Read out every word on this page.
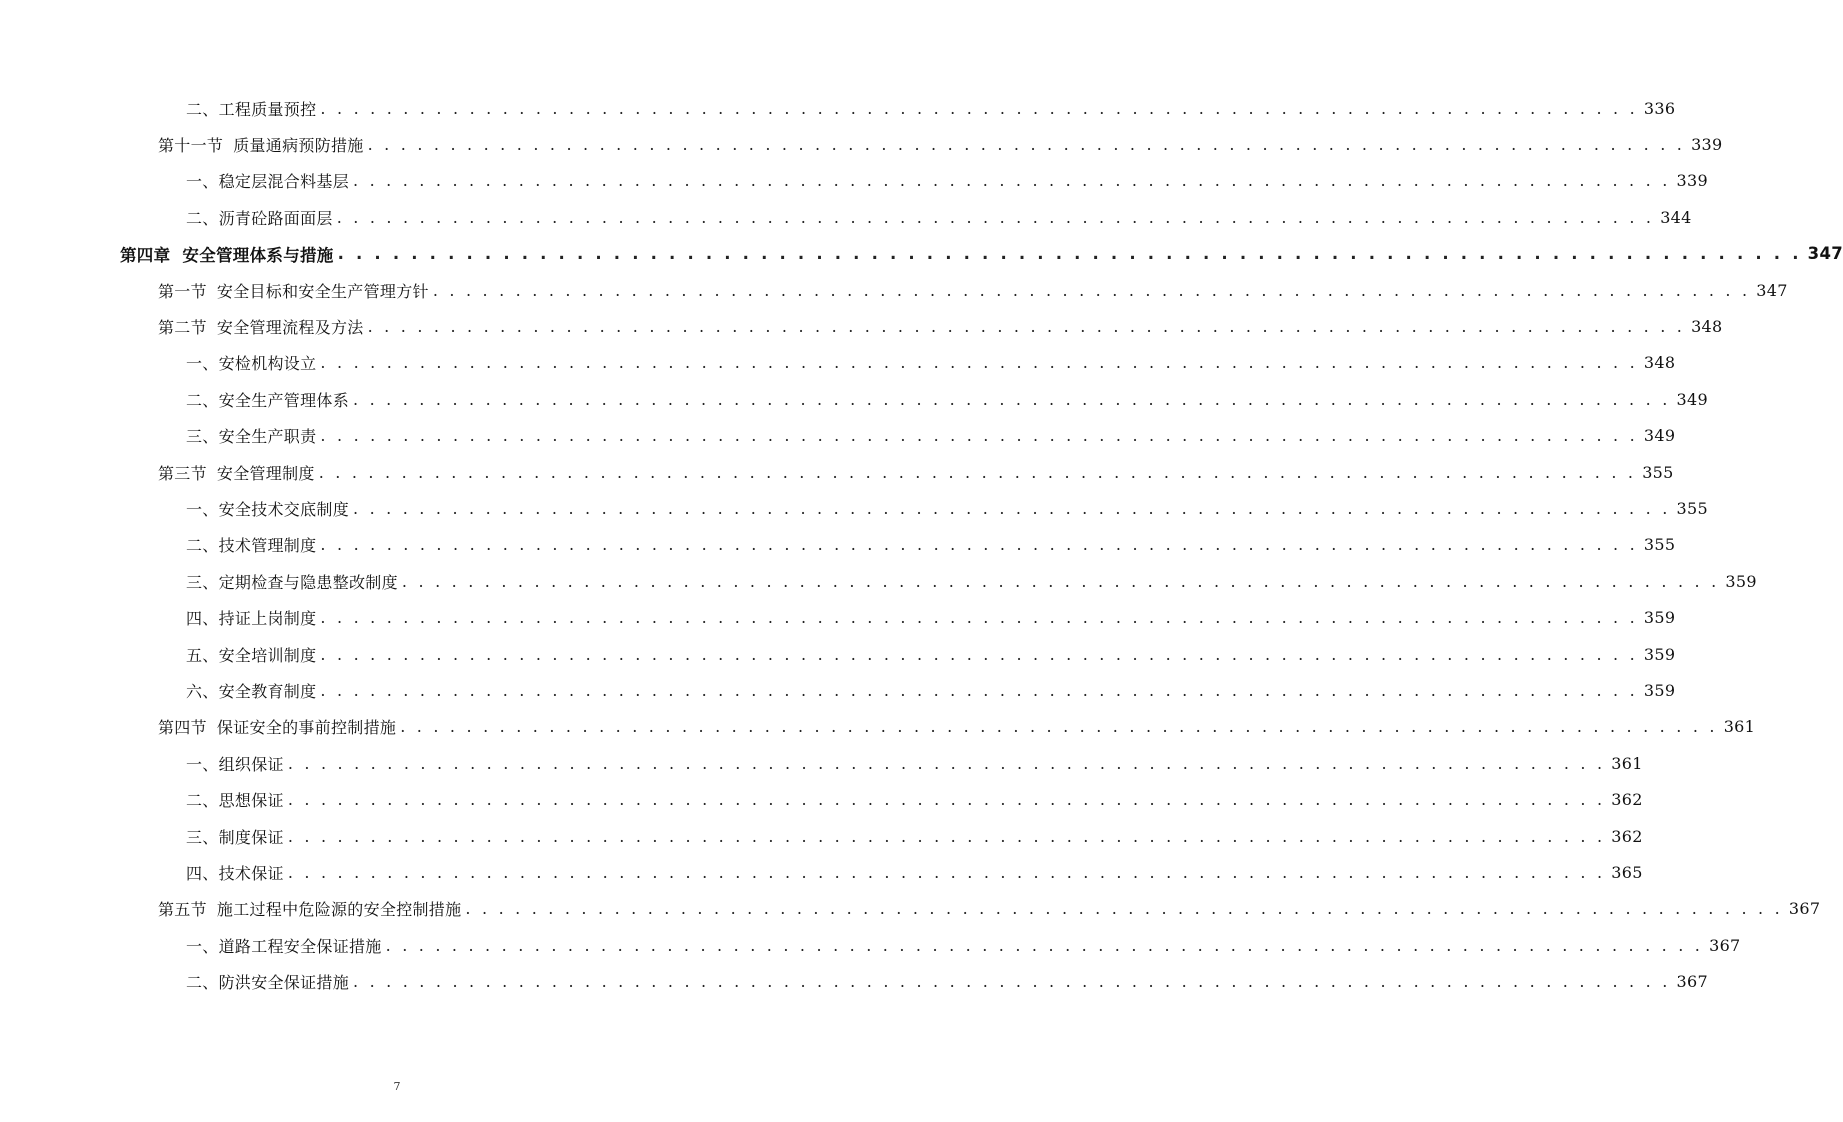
二、 工程质量预控 . . . . . . . . . . . . . . . . . . . . . . . . . . . . . . . . . . . . . . . . . . . . . . . . . . . . . . . . . . . . . . . . . . . . . . . . . . . . . . . . 336
第十一节 质量通病预防措施 . . . . . . . . . . . . . . . . . . . . . . . . . . . . . . . . . . . . . . . . . . . . . . . . . . . . . . . . . . . . . . . . . . . . . . . . . . . . . . . . 339
一、 稳定层混合料基层 . . . . . . . . . . . . . . . . . . . . . . . . . . . . . . . . . . . . . . . . . . . . . . . . . . . . . . . . . . . . . . . . . . . . . . . . . . . . . . . . 339
二、 沥青砼路面面层 . . . . . . . . . . . . . . . . . . . . . . . . . . . . . . . . . . . . . . . . . . . . . . . . . . . . . . . . . . . . . . . . . . . . . . . . . . . . . . . . 344
第四章 安全管理体系与措施 . . . . . . . . . . . . . . . . . . . . . . . . . . . . . . . . . . . . . . . . . . . . . . . . . . . . . . . . . . . . . . . . . . . . . . . . . . . . . . . . 347
第一节 安全目标和安全生产管理方针 . . . . . . . . . . . . . . . . . . . . . . . . . . . . . . . . . . . . . . . . . . . . . . . . . . . . . . . . . . . . . . . . . . . . . . . . . . . . . . . . 347
第二节 安全管理流程及方法 . . . . . . . . . . . . . . . . . . . . . . . . . . . . . . . . . . . . . . . . . . . . . . . . . . . . . . . . . . . . . . . . . . . . . . . . . . . . . . . . 348
一、 安检机构设立 . . . . . . . . . . . . . . . . . . . . . . . . . . . . . . . . . . . . . . . . . . . . . . . . . . . . . . . . . . . . . . . . . . . . . . . . . . . . . . . . 348
二、 安全生产管理体系 . . . . . . . . . . . . . . . . . . . . . . . . . . . . . . . . . . . . . . . . . . . . . . . . . . . . . . . . . . . . . . . . . . . . . . . . . . . . . . . . 349
三、 安全生产职责 . . . . . . . . . . . . . . . . . . . . . . . . . . . . . . . . . . . . . . . . . . . . . . . . . . . . . . . . . . . . . . . . . . . . . . . . . . . . . . . . 349
第三节 安全管理制度 . . . . . . . . . . . . . . . . . . . . . . . . . . . . . . . . . . . . . . . . . . . . . . . . . . . . . . . . . . . . . . . . . . . . . . . . . . . . . . . . 355
一、 安全技术交底制度 . . . . . . . . . . . . . . . . . . . . . . . . . . . . . . . . . . . . . . . . . . . . . . . . . . . . . . . . . . . . . . . . . . . . . . . . . . . . . . . . 355
二、 技术管理制度 . . . . . . . . . . . . . . . . . . . . . . . . . . . . . . . . . . . . . . . . . . . . . . . . . . . . . . . . . . . . . . . . . . . . . . . . . . . . . . . . 355
三、 定期检查与隐患整改制度 . . . . . . . . . . . . . . . . . . . . . . . . . . . . . . . . . . . . . . . . . . . . . . . . . . . . . . . . . . . . . . . . . . . . . . . . . . . . . . . . 359
四、 持证上岗制度 . . . . . . . . . . . . . . . . . . . . . . . . . . . . . . . . . . . . . . . . . . . . . . . . . . . . . . . . . . . . . . . . . . . . . . . . . . . . . . . . 359
五、 安全培训制度 . . . . . . . . . . . . . . . . . . . . . . . . . . . . . . . . . . . . . . . . . . . . . . . . . . . . . . . . . . . . . . . . . . . . . . . . . . . . . . . . 359
六、 安全教育制度 . . . . . . . . . . . . . . . . . . . . . . . . . . . . . . . . . . . . . . . . . . . . . . . . . . . . . . . . . . . . . . . . . . . . . . . . . . . . . . . . 359
第四节 保证安全的事前控制措施 . . . . . . . . . . . . . . . . . . . . . . . . . . . . . . . . . . . . . . . . . . . . . . . . . . . . . . . . . . . . . . . . . . . . . . . . . . . . . . . . 361
一、 组织保证 . . . . . . . . . . . . . . . . . . . . . . . . . . . . . . . . . . . . . . . . . . . . . . . . . . . . . . . . . . . . . . . . . . . . . . . . . . . . . . . . 361
二、 思想保证 . . . . . . . . . . . . . . . . . . . . . . . . . . . . . . . . . . . . . . . . . . . . . . . . . . . . . . . . . . . . . . . . . . . . . . . . . . . . . . . . 362
三、 制度保证 . . . . . . . . . . . . . . . . . . . . . . . . . . . . . . . . . . . . . . . . . . . . . . . . . . . . . . . . . . . . . . . . . . . . . . . . . . . . . . . . 362
四、 技术保证 . . . . . . . . . . . . . . . . . . . . . . . . . . . . . . . . . . . . . . . . . . . . . . . . . . . . . . . . . . . . . . . . . . . . . . . . . . . . . . . . 365
第五节 施工过程中危险源的安全控制措施 . . . . . . . . . . . . . . . . . . . . . . . . . . . . . . . . . . . . . . . . . . . . . . . . . . . . . . . . . . . . . . . . . . . . . . . . . . . . . . . . 367
一、 道路工程安全保证措施 . . . . . . . . . . . . . . . . . . . . . . . . . . . . . . . . . . . . . . . . . . . . . . . . . . . . . . . . . . . . . . . . . . . . . . . . . . . . . . . . 367
二、 防洪安全保证措施 . . . . . . . . . . . . . . . . . . . . . . . . . . . . . . . . . . . . . . . . . . . . . . . . . . . . . . . . . . . . . . . . . . . . . . . . . . . . . . . . 367
7
